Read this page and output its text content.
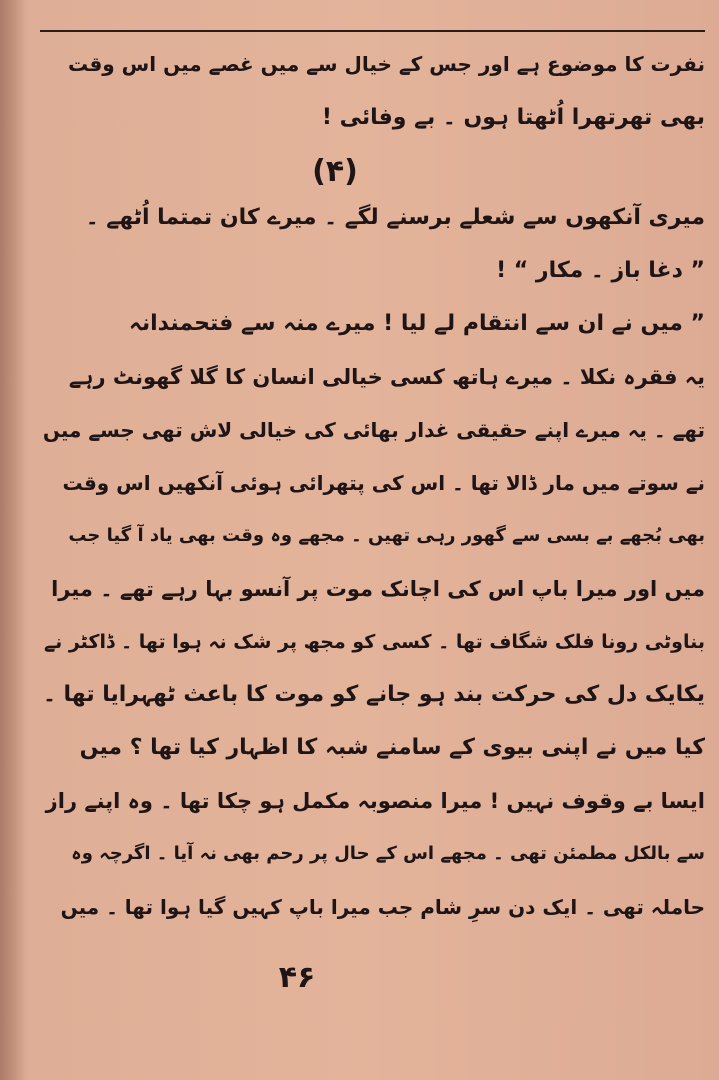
نفرت کا موضوع ہے اور جس کے خیال سے میں غصے میں اس وقت
بھی تھرتھرا اُٹھتا ہوں ۔ بے وفائی !
(۴)
میری آنکھوں سے شعلے برسنے لگے ۔ میرے کان تمتما اُٹھے ۔
” دغا باز ۔ مکار “ !
” میں نے ان سے انتقام لے لیا ! میرے منہ سے فتحمندانہ
یہ فقرہ نکلا ۔ میرے ہاتھ کسی خیالی انسان کا گلا گھونٹ رہے
تھے ۔ یہ میرے اپنے حقیقی غدار بھائی کی خیالی لاش تھی جسے میں
نے سوتے میں مار ڈالا تھا ۔ اس کی پتھرائی ہوئی آنکھیں اس وقت
بھی بُجھے بے بسی سے گھور رہی تھیں ۔ مجھے وہ وقت بھی یاد آ گیا جب
میں اور میرا باپ اس کی اچانک موت پر آنسو بہا رہے تھے ۔ میرا
بناوٹی رونا فلک شگاف تھا ۔ کسی کو مجھ پر شک نہ ہوا تھا ۔ ڈاکٹر نے
یکایک دل کی حرکت بند ہو جانے کو موت کا باعث ٹھہرایا تھا ۔
کیا میں نے اپنی بیوی کے سامنے شبہ کا اظہار کیا تھا ؟ میں
ایسا بے وقوف نہیں ! میرا منصوبہ مکمل ہو چکا تھا ۔ وہ اپنے راز
سے بالکل مطمئن تھی ۔ مجھے اس کے حال پر رحم بھی نہ آیا ۔ اگرچہ وہ
حاملہ تھی ۔ ایک دن سرِ شام جب میرا باپ کہیں گیا ہوا تھا ۔ میں
۴۶
